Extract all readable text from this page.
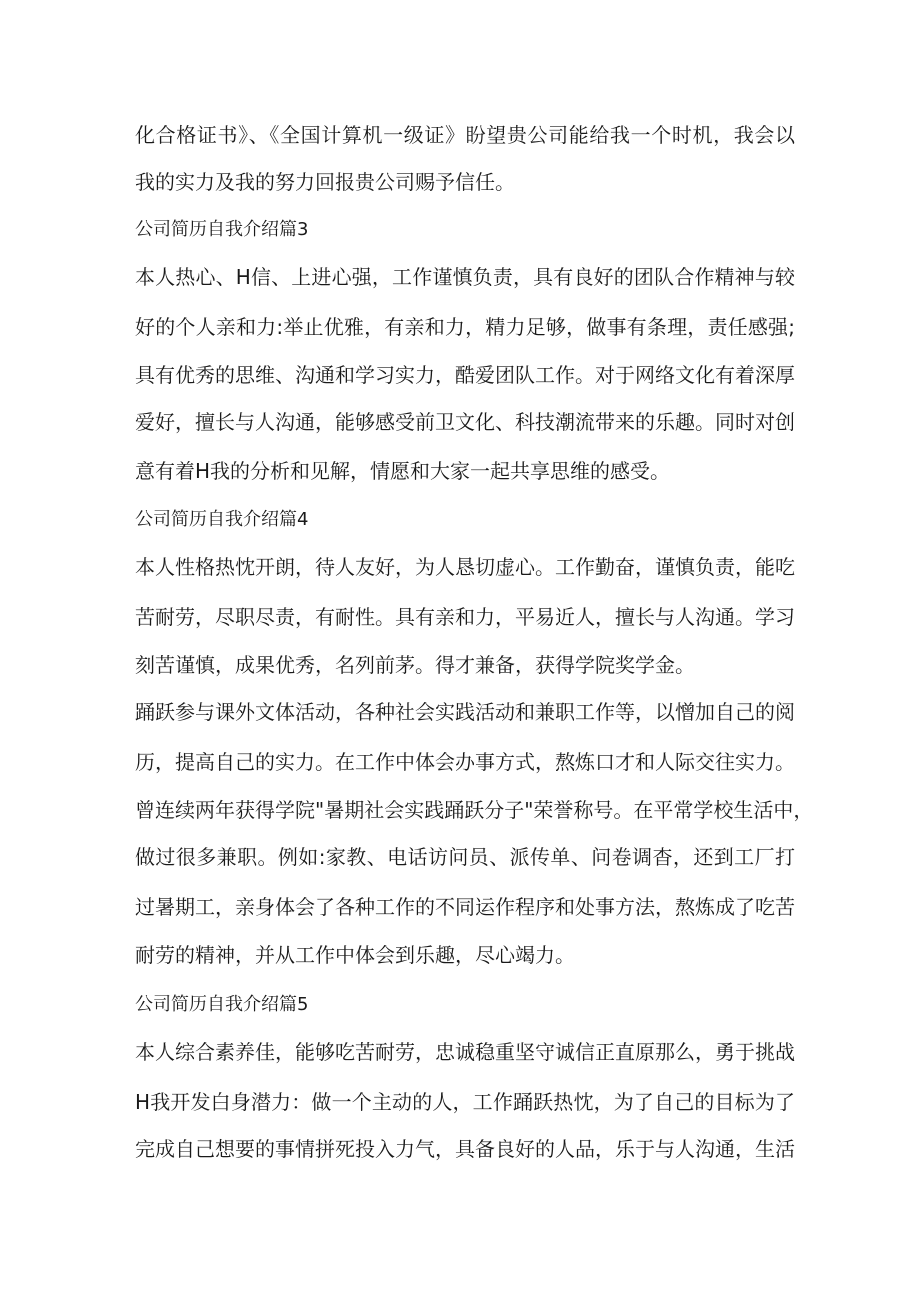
化合格证书》、《全国计算机一级证》盼望贵公司能给我一个时机，我会以
我的实力及我的努力回报贵公司赐予信任。
公司简历自我介绍篇3
本人热心、H信、上进心强，工作谨慎负责，具有良好的团队合作精神与较
好的个人亲和力:举止优雅，有亲和力，精力足够，做事有条理，责任感强;
具有优秀的思维、沟通和学习实力，酷爱团队工作。对于网络文化有着深厚
爱好，擅长与人沟通，能够感受前卫文化、科技潮流带来的乐趣。同时对创
意有着H我的分析和见解，情愿和大家一起共享思维的感受。
公司简历自我介绍篇4
本人性格热忱开朗，待人友好，为人恳切虚心。工作勤奋，谨慎负责，能吃
苦耐劳，尽职尽责，有耐性。具有亲和力，平易近人，擅长与人沟通。学习
刻苦谨慎，成果优秀，名列前茅。得才兼备，获得学院奖学金。
踊跃参与课外文体活动，各种社会实践活动和兼职工作等，以憎加自己的阅
历，提高自己的实力。在工作中体会办事方式，熬炼口才和人际交往实力。
曾连续两年获得学院"暑期社会实践踊跃分子"荣誉称号。在平常学校生活中，
做过很多兼职。例如:家教、电话访问员、派传单、问卷调杳，还到工厂打
过暑期工，亲身体会了各种工作的不同运作程序和处事方法，熬炼成了吃苦
耐劳的精神，并从工作中体会到乐趣，尽心竭力。
公司简历自我介绍篇5
本人综合素养佳，能够吃苦耐劳，忠诚稳重坚守诚信正直原那么，勇于挑战
H我开发白身潜力：做一个主动的人，工作踊跃热忱，为了自己的目标为了
完成自己想要的事情拼死投入力气，具备良好的人品，乐于与人沟通，生活
